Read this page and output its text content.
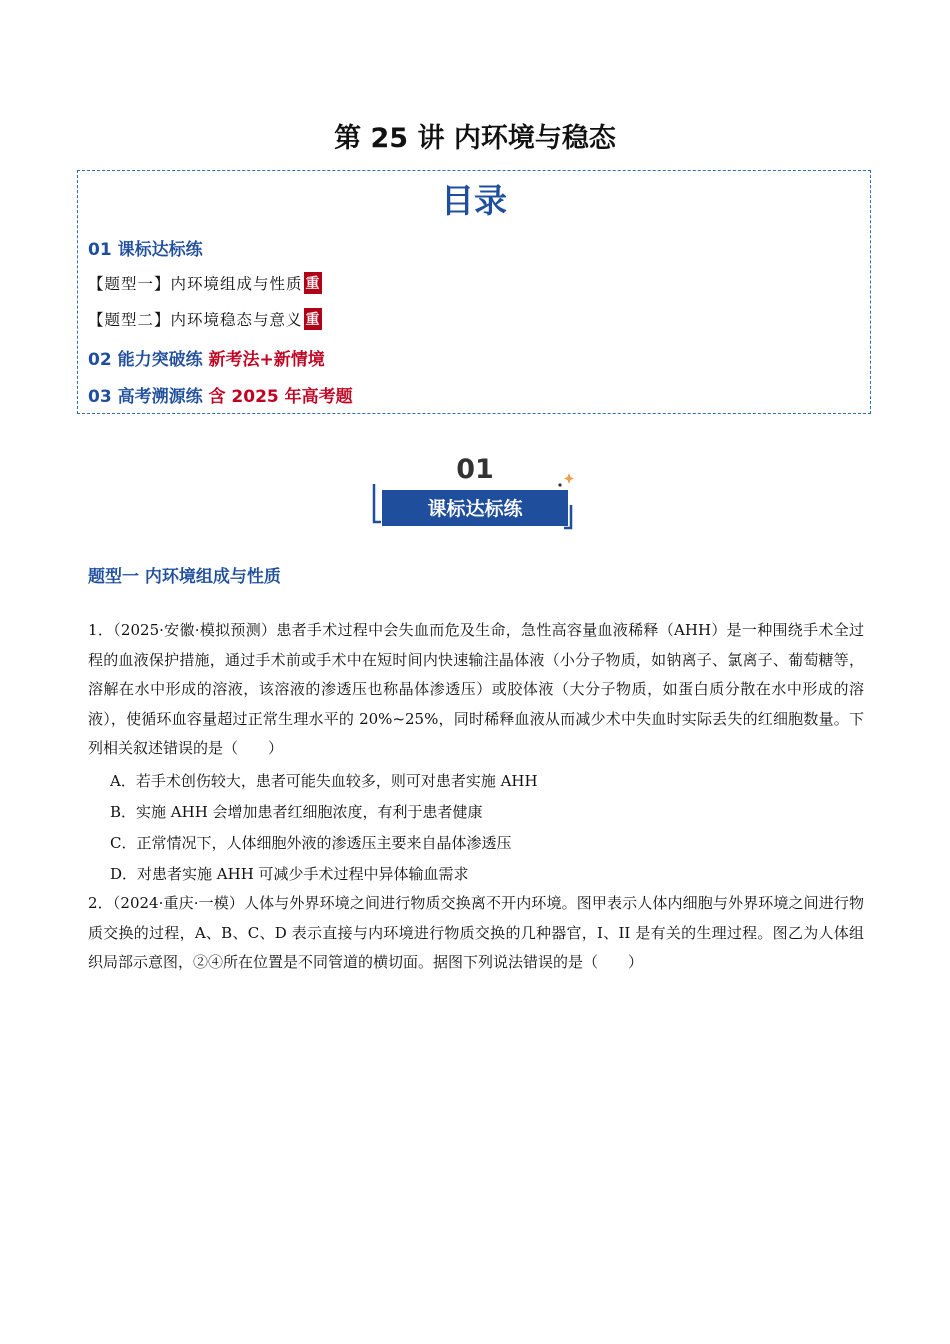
第 25 讲 内环境与稳态
目录
01 课标达标练
【题型一】内环境组成与性质 重
【题型二】内环境稳态与意义 重
02 能力突破练 新考法+新情境
03 高考溯源练 含 2025 年高考题
01
课标达标练
题型一 内环境组成与性质
1．（2025·安徽·模拟预测）患者手术过程中会失血而危及生命，急性高容量血液稀释（AHH）是一种围绕手术全过程的血液保护措施，通过手术前或手术中在短时间内快速输注晶体液（小分子物质，如钠离子、氯离子、葡萄糖等，溶解在水中形成的溶液，该溶液的渗透压也称晶体渗透压）或胶体液（大分子物质，如蛋白质分散在水中形成的溶液），使循环血容量超过正常生理水平的 20%~25%，同时稀释血液从而减少术中失血时实际丢失的红细胞数量。下列相关叙述错误的是（　　）
A．若手术创伤较大，患者可能失血较多，则可对患者实施 AHH
B．实施 AHH 会增加患者红细胞浓度，有利于患者健康
C．正常情况下，人体细胞外液的渗透压主要来自晶体渗透压
D．对患者实施 AHH 可减少手术过程中异体输血需求
2．（2024·重庆·一模）人体与外界环境之间进行物质交换离不开内环境。图甲表示人体内细胞与外界环境之间进行物质交换的过程，A、B、C、D 表示直接与内环境进行物质交换的几种器官，I、II 是有关的生理过程。图乙为人体组织局部示意图，②④所在位置是不同管道的横切面。据图下列说法错误的是（　　）
